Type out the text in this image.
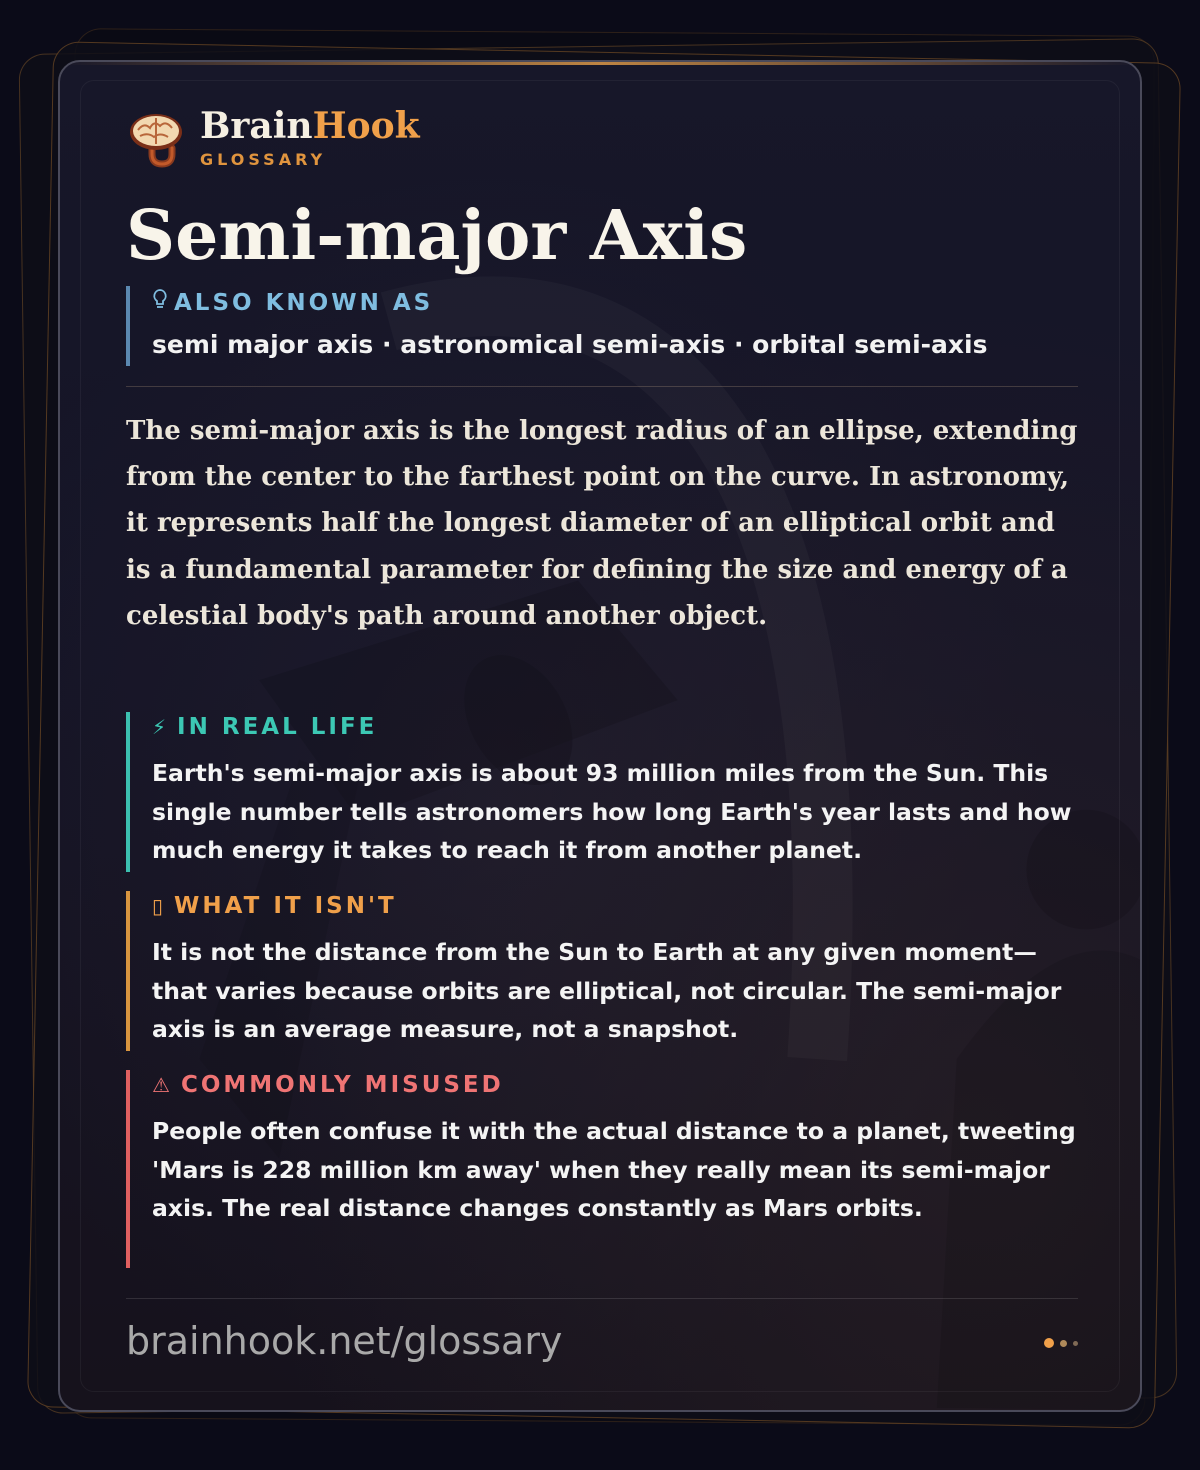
BrainHook
GLOSSARY
Semi-major Axis
ALSO KNOWN AS
semi major axis · astronomical semi-axis · orbital semi-axis

The semi-major axis is the longest radius of an ellipse, extending from the center to the farthest point on the curve. In astronomy, it represents half the longest diameter of an elliptical orbit and is a fundamental parameter for defining the size and energy of a celestial body's path around another object.

⚡ IN REAL LIFE
Earth's semi-major axis is about 93 million miles from the Sun. This single number tells astronomers how long Earth's year lasts and how much energy it takes to reach it from another planet.
▯ WHAT IT ISN'T
It is not the distance from the Sun to Earth at any given moment—that varies because orbits are elliptical, not circular. The semi-major axis is an average measure, not a snapshot.
⚠ COMMONLY MISUSED
People often confuse it with the actual distance to a planet, tweeting 'Mars is 228 million km away' when they really mean its semi-major axis. The real distance changes constantly as Mars orbits.
brainhook.net/glossary
